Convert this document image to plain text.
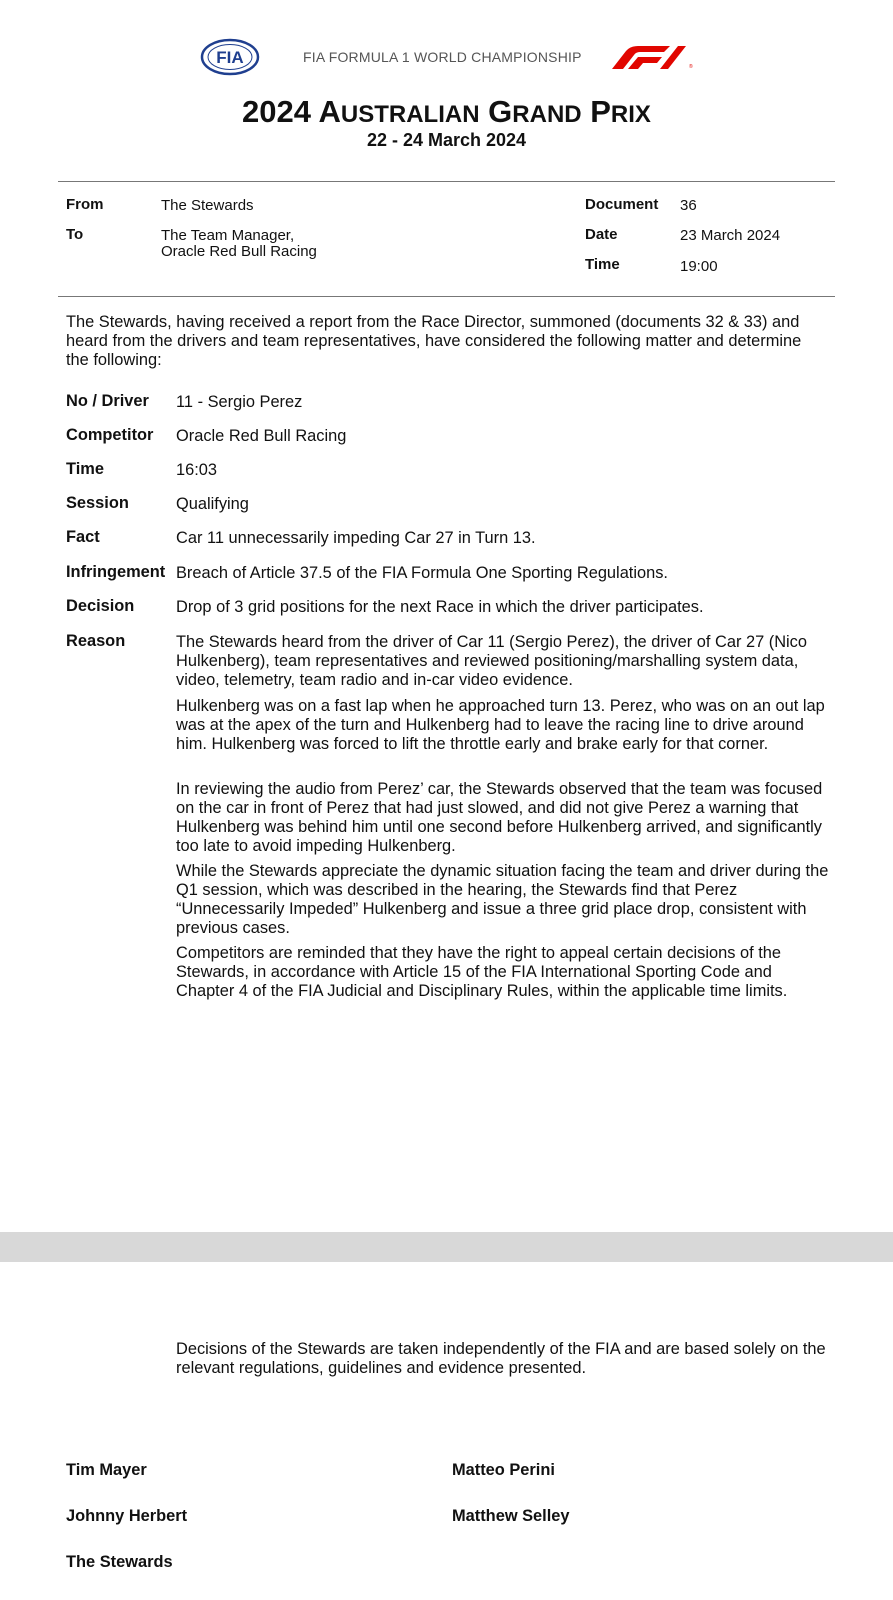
FIA	FIA FORMULA 1 WORLD CHAMPIONSHIP
®
2024 AUSTRALIAN GRAND PRIX
22 - 24 March 2024
From	The Stewards
To	The Team Manager,
Oracle Red Bull Racing
Document 36
Date	23 March 2024
Time	19:00
The Stewards, having received a report from the Race Director, summoned (documents 32 & 33) and heard from the drivers and team representatives, have considered the following matter and determine the following:
No / Driver 11 - Sergio Perez
Competitor Oracle Red Bull Racing
Time	16:03
Session	Qualifying
Fact	Car 11 unnecessarily impeding Car 27 in Turn 13.
Infringement Breach of Article 37.5 of the FIA Formula One Sporting Regulations.
Decision	Drop of 3 grid positions for the next Race in which the driver participates.
Reason	The Stewards heard from the driver of Car 11 (Sergio Perez), the driver of Car 27 (Nico Hulkenberg), team representatives and reviewed positioning/marshalling system data, video, telemetry, team radio and in-car video evidence.
Hulkenberg was on a fast lap when he approached turn 13. Perez, who was on an out lap was at the apex of the turn and Hulkenberg had to leave the racing line to drive around him. Hulkenberg was forced to lift the throttle early and brake early for that corner.
In reviewing the audio from Perez’ car, the Stewards observed that the team was focused on the car in front of Perez that had just slowed, and did not give Perez a warning that Hulkenberg was behind him until one second before Hulkenberg arrived, and significantly too late to avoid impeding Hulkenberg.
While the Stewards appreciate the dynamic situation facing the team and driver during the Q1 session, which was described in the hearing, the Stewards find that Perez “Unnecessarily Impeded” Hulkenberg and issue a three grid place drop, consistent with previous cases.
Competitors are reminded that they have the right to appeal certain decisions of the Stewards, in accordance with Article 15 of the FIA International Sporting Code and Chapter 4 of the FIA Judicial and Disciplinary Rules, within the applicable time limits.
Decisions of the Stewards are taken independently of the FIA and are based solely on the relevant regulations, guidelines and evidence presented.
Tim Mayer	Matteo Perini
Johnny Herbert	Matthew Selley
The Stewards
